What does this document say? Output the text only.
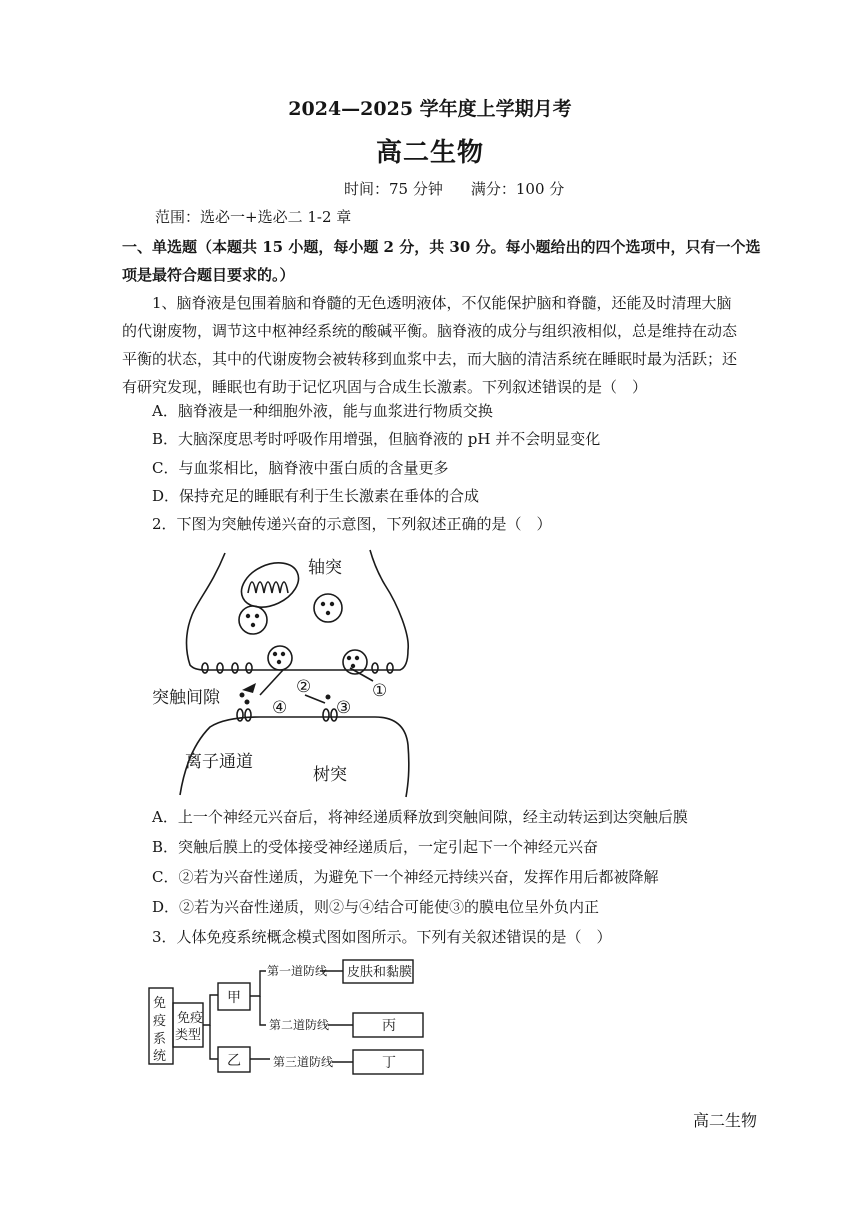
2024—2025 学年度上学期月考
高二生物
时间：75 分钟 满分：100 分
范围：选必一+选必二 1-2 章
一、单选题（本题共 15 小题，每小题 2 分，共 30 分。每小题给出的四个选项中，只有一个选
项是最符合题目要求的。）
　　1、脑脊液是包围着脑和脊髓的无色透明液体，不仅能保护脑和脊髓，还能及时清理大脑
的代谢废物，调节这中枢神经系统的酸碱平衡。脑脊液的成分与组织液相似，总是维持在动态
平衡的状态，其中的代谢废物会被转移到血浆中去，而大脑的清洁系统在睡眠时最为活跃；还
有研究发现，睡眠也有助于记忆巩固与合成生长激素。下列叙述错误的是（　）
A．脑脊液是一种细胞外液，能与血浆进行物质交换
B．大脑深度思考时呼吸作用增强，但脑脊液的 pH 并不会明显变化
C．与血浆相比，脑脊液中蛋白质的含量更多
D．保持充足的睡眠有利于生长激素在垂体的合成
2．下图为突触传递兴奋的示意图，下列叙述正确的是（　）
轴突
突触间隙
离子通道
树突
②	①
④	③
A．上一个神经元兴奋后，将神经递质释放到突触间隙，经主动转运到达突触后膜
B．突触后膜上的受体接受神经递质后，一定引起下一个神经元兴奋
C．②若为兴奋性递质，为避免下一个神经元持续兴奋，发挥作用后都被降解
D．②若为兴奋性递质，则②与④结合可能使③的膜电位呈外负内正
3．人体免疫系统概念模式图如图所示。下列有关叙述错误的是（　）
免
疫
系
统
免疫
类型
甲
乙
第一道防线
第二道防线
第三道防线
皮肤和黏膜
丙
丁
高二生物
